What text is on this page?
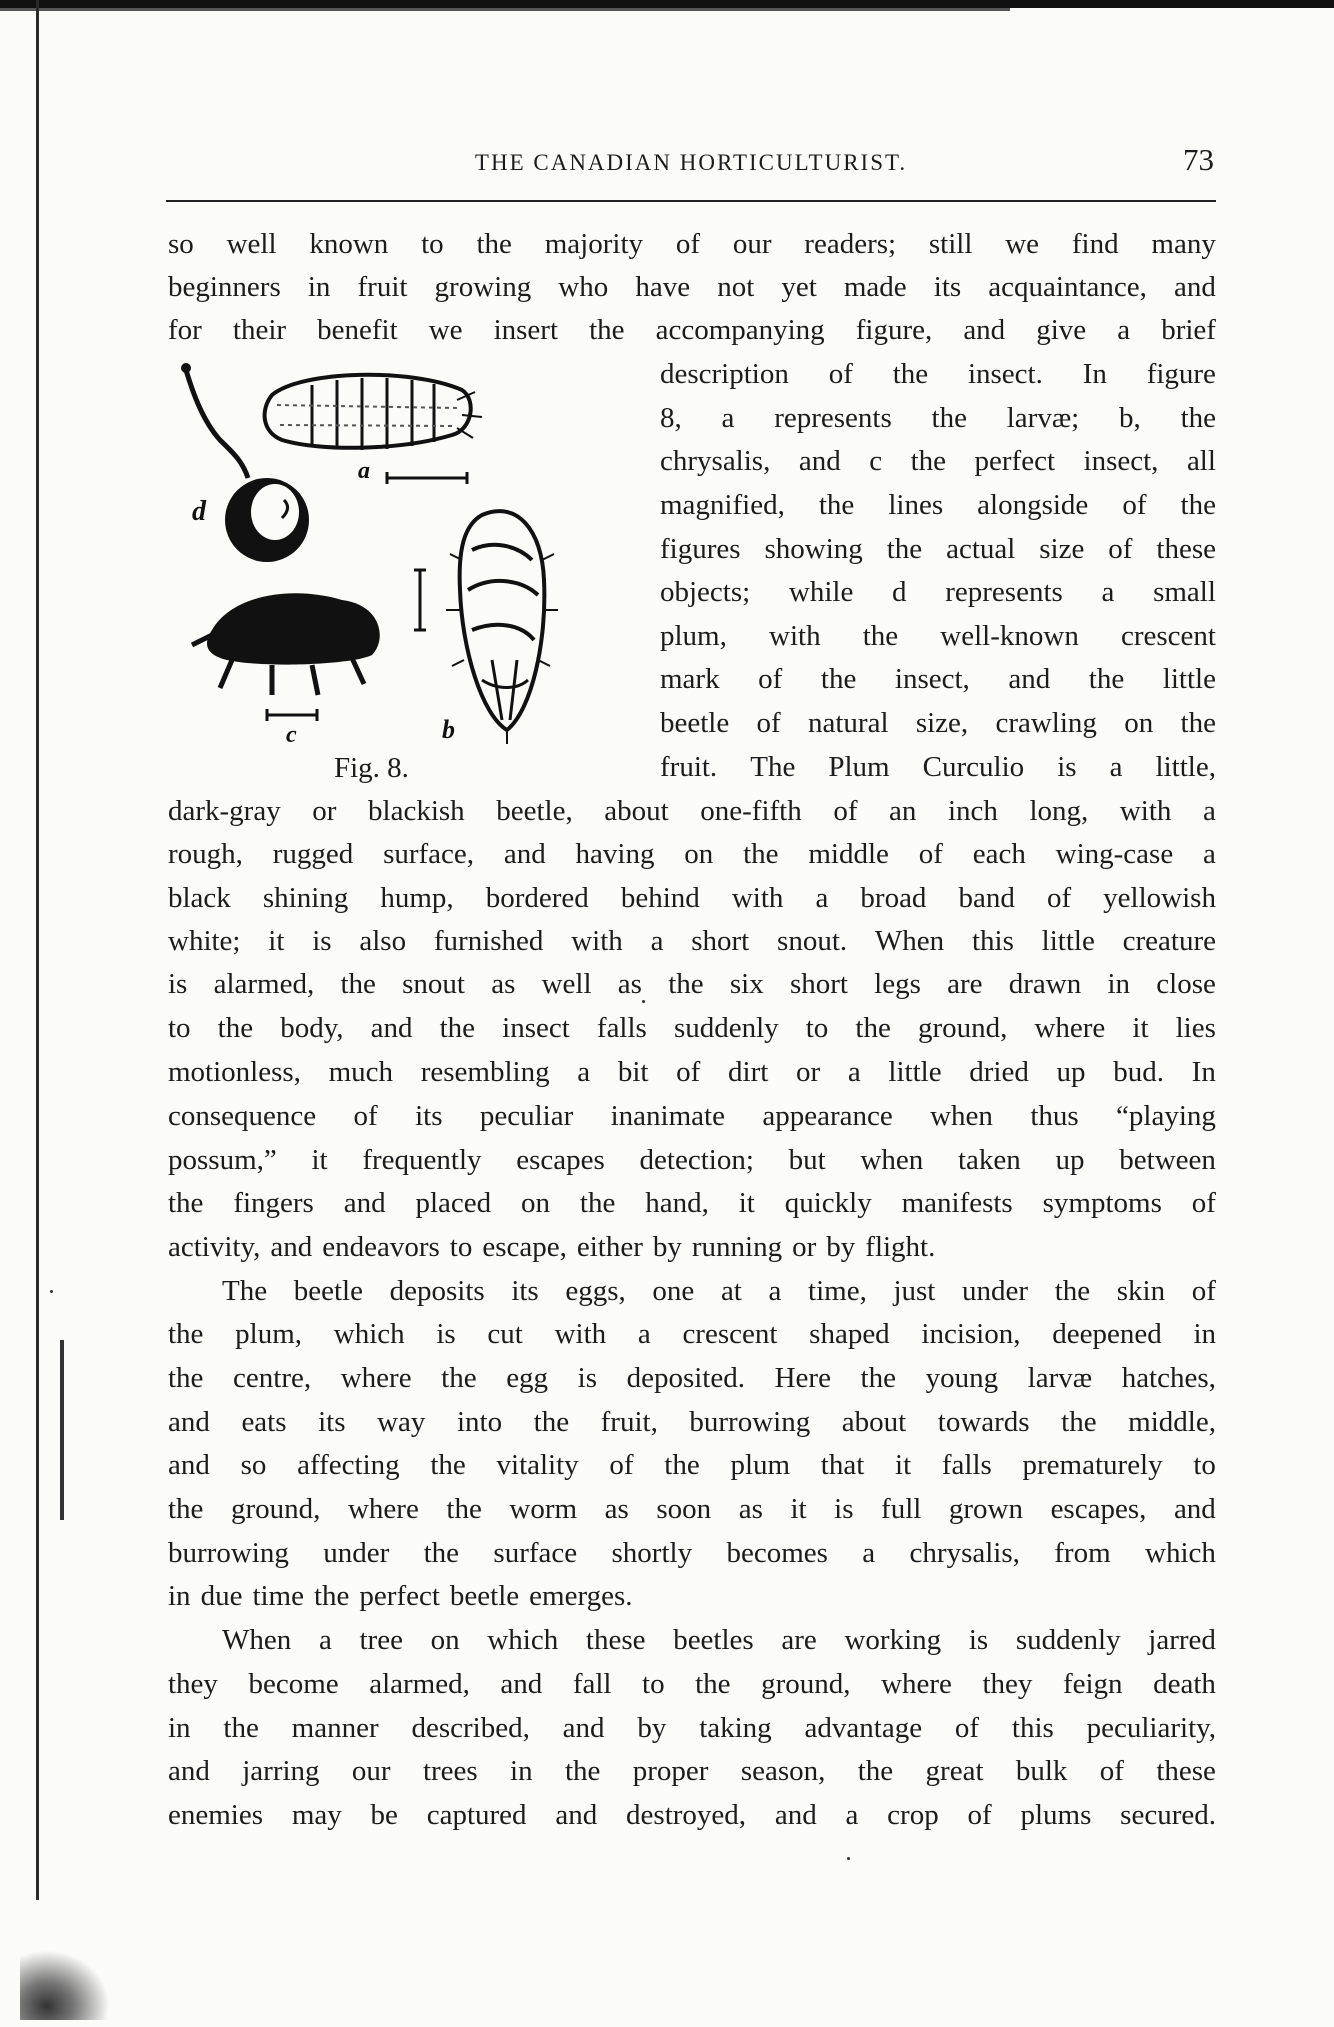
THE CANADIAN HORTICULTURIST.	73
a
d
c	b
Fig. 8.
so well known to the majority of our readers; still we find many
beginners in fruit growing who have not yet made its acquaintance, and
for their benefit we insert the accompanying figure, and give a brief
description of the insect. In figure
8, a represents the larvæ; b, the
chrysalis, and c the perfect insect, all
magnified, the lines alongside of the
figures showing the actual size of these
objects; while d represents a small
plum, with the well-known crescent
mark of the insect, and the little
beetle of natural size, crawling on the
fruit. The Plum Curculio is a little,
dark-gray or blackish beetle, about one-fifth of an inch long, with a
rough, rugged surface, and having on the middle of each wing-case a
black shining hump, bordered behind with a broad band of yellowish
white; it is also furnished with a short snout. When this little creature
is alarmed, the snout as well as the six short legs are drawn in close
to the body, and the insect falls suddenly to the ground, where it lies
motionless, much resembling a bit of dirt or a little dried up bud. In
consequence of its peculiar inanimate appearance when thus “playing
possum,” it frequently escapes detection; but when taken up between
the fingers and placed on the hand, it quickly manifests symptoms of
activity, and endeavors to escape, either by running or by flight.
The beetle deposits its eggs, one at a time, just under the skin of
the plum, which is cut with a crescent shaped incision, deepened in
the centre, where the egg is deposited. Here the young larvæ hatches,
and eats its way into the fruit, burrowing about towards the middle,
and so affecting the vitality of the plum that it falls prematurely to
the ground, where the worm as soon as it is full grown escapes, and
burrowing under the surface shortly becomes a chrysalis, from which
in due time the perfect beetle emerges.
When a tree on which these beetles are working is suddenly jarred
they become alarmed, and fall to the ground, where they feign death
in the manner described, and by taking advantage of this peculiarity,
and jarring our trees in the proper season, the great bulk of these
enemies may be captured and destroyed, and a crop of plums secured.
